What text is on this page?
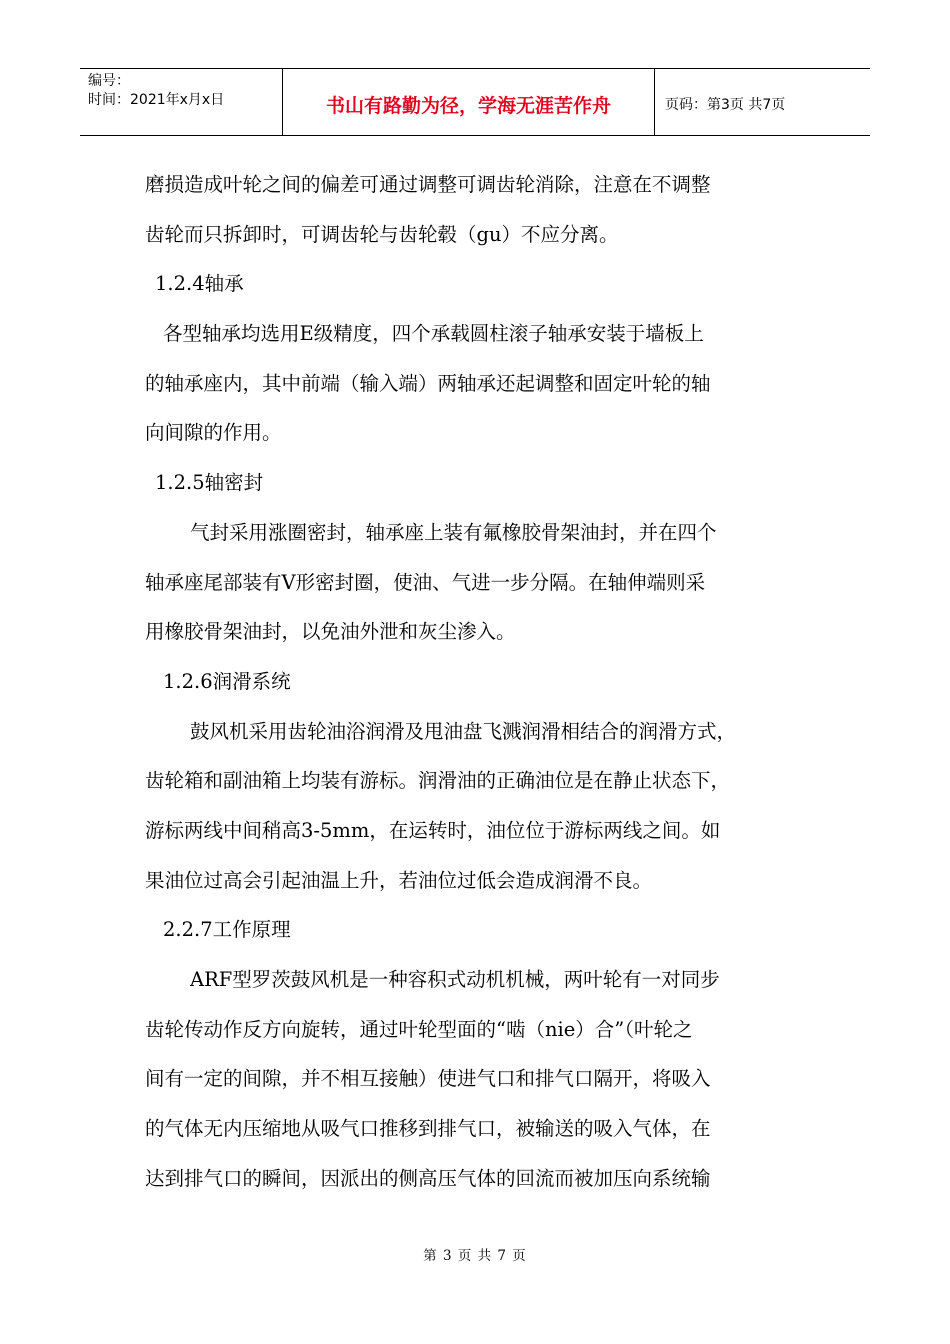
编号：
时间：2021年x月x日	书山有路勤为径，学海无涯苦作舟	页码：第3页 共7页

磨损造成叶轮之间的偏差可通过调整可调齿轮消除，注意在不调整

齿轮而只拆卸时，可调齿轮与齿轮毂（gu）不应分离。

1.2.4轴承

各型轴承均选用E级精度，四个承载圆柱滚子轴承安装于墙板上

的轴承座内，其中前端（输入端）两轴承还起调整和固定叶轮的轴

向间隙的作用。

1.2.5轴密封

气封采用涨圈密封，轴承座上装有氟橡胶骨架油封，并在四个

轴承座尾部装有V形密封圈，使油、气进一步分隔。在轴伸端则采

用橡胶骨架油封，以免油外泄和灰尘渗入。

1.2.6润滑系统

鼓风机采用齿轮油浴润滑及甩油盘飞溅润滑相结合的润滑方式，

齿轮箱和副油箱上均装有游标。润滑油的正确油位是在静止状态下，

游标两线中间稍高3-5mm，在运转时，油位位于游标两线之间。如

果油位过高会引起油温上升，若油位过低会造成润滑不良。

2.2.7工作原理

ARF型罗茨鼓风机是一种容积式动机机械，两叶轮有一对同步

齿轮传动作反方向旋转，通过叶轮型面的“啮（nie）合”（叶轮之

间有一定的间隙，并不相互接触）使进气口和排气口隔开，将吸入

的气体无内压缩地从吸气口推移到排气口，被输送的吸入气体，在

达到排气口的瞬间，因派出的侧高压气体的回流而被加压向系统输

第 3 页 共 7 页
